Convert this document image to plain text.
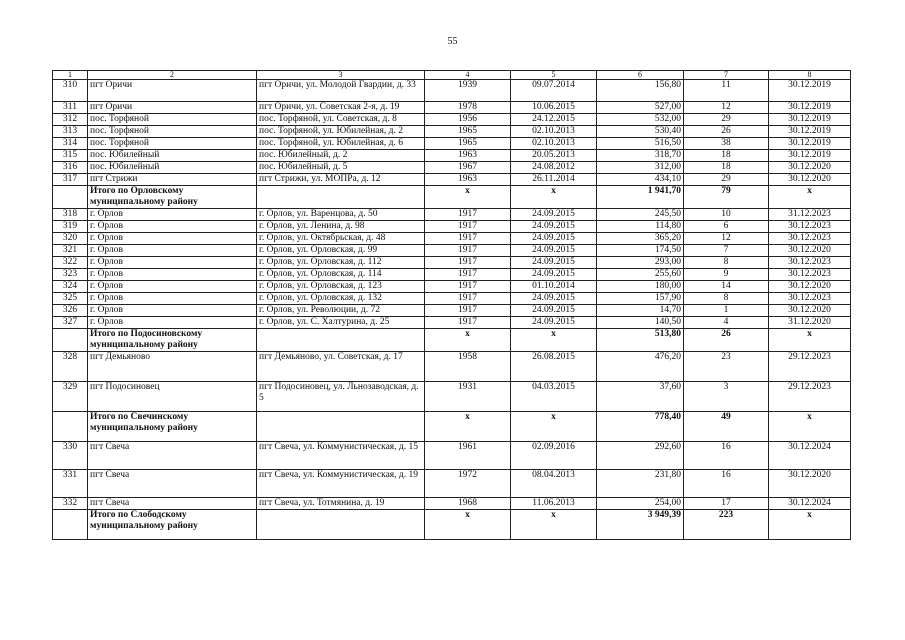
55
1	2	3	4	5	6	7	8
310	пгт Оричи	пгт Оричи, ул. Молодой Гвардии, д. 33	1939	09.07.2014	156,80	11	30.12.2019
311	пгт Оричи	пгт Оричи, ул. Советская 2-я, д. 19	1978	10.06.2015	527,00	12	30.12.2019
312	пос. Торфяной	пос. Торфяной, ул. Советская, д. 8	1956	24.12.2015	532,00	29	30.12.2019
313	пос. Торфяной	пос. Торфяной, ул. Юбилейная, д. 2	1965	02.10.2013	530,40	26	30.12.2019
314	пос. Торфяной	пос. Торфяной, ул. Юбилейная, д. 6	1965	02.10.2013	516,50	38	30.12.2019
315	пос. Юбилейный	пос. Юбилейный, д. 2	1963	20.05.2013	318,70	18	30.12.2019
316	пос. Юбилейный	пос. Юбилейный, д. 5	1967	24.08.2012	312,00	18	30.12.2020
317	пгт Стрижи	пгт Стрижи, ул. МОПРа, д. 12	1963	26.11.2014	434,10	29	30.12.2020
	Итого по Орловскому муниципальному району		x	x	1 941,70	79	x
318	г. Орлов	г. Орлов, ул. Варенцова, д. 50	1917	24.09.2015	245,50	10	31.12.2023
319	г. Орлов	г. Орлов, ул. Ленина, д. 98	1917	24.09.2015	114,80	6	30.12.2023
320	г. Орлов	г. Орлов, ул. Октябрьская, д. 48	1917	24.09.2015	365,20	12	30.12.2023
321	г. Орлов	г. Орлов, ул. Орловская, д. 99	1917	24.09.2015	174,50	7	30.12.2020
322	г. Орлов	г. Орлов, ул. Орловская, д. 112	1917	24.09.2015	293,00	8	30.12.2023
323	г. Орлов	г. Орлов, ул. Орловская, д. 114	1917	24.09.2015	255,60	9	30.12.2023
324	г. Орлов	г. Орлов, ул. Орловская, д. 123	1917	01.10.2014	180,00	14	30.12.2020
325	г. Орлов	г. Орлов, ул. Орловская, д. 132	1917	24.09.2015	157,90	8	30.12.2023
326	г. Орлов	г. Орлов, ул. Революции, д. 72	1917	24.09.2015	14,70	1	30.12.2020
327	г. Орлов	г. Орлов, ул. С. Халтурина, д. 25	1917	24.09.2015	140,50	4	31.12.2020
	Итого по Подосиновскому муниципальному району		x	x	513,80	26	x
328	пгт Демьяново	пгт Демьяново, ул. Советская, д. 17	1958	26.08.2015	476,20	23	29.12.2023
329	пгт Подосиновец	пгт Подосиновец, ул. Льнозаводская, д. 5	1931	04.03.2015	37,60	3	29.12.2023
	Итого по Свечинскому муниципальному району		x	x	778,40	49	x
330	пгт Свеча	пгт Свеча, ул. Коммунистическая, д. 15	1961	02.09.2016	292,60	16	30.12.2024
331	пгт Свеча	пгт Свеча, ул. Коммунистическая, д. 19	1972	08.04.2013	231,80	16	30.12.2020
332	пгт Свеча	пгт Свеча, ул. Тотмянина, д. 19	1968	11.06.2013	254,00	17	30.12.2024
	Итого по Слободскому муниципальному району		x	x	3 949,39	223	x
